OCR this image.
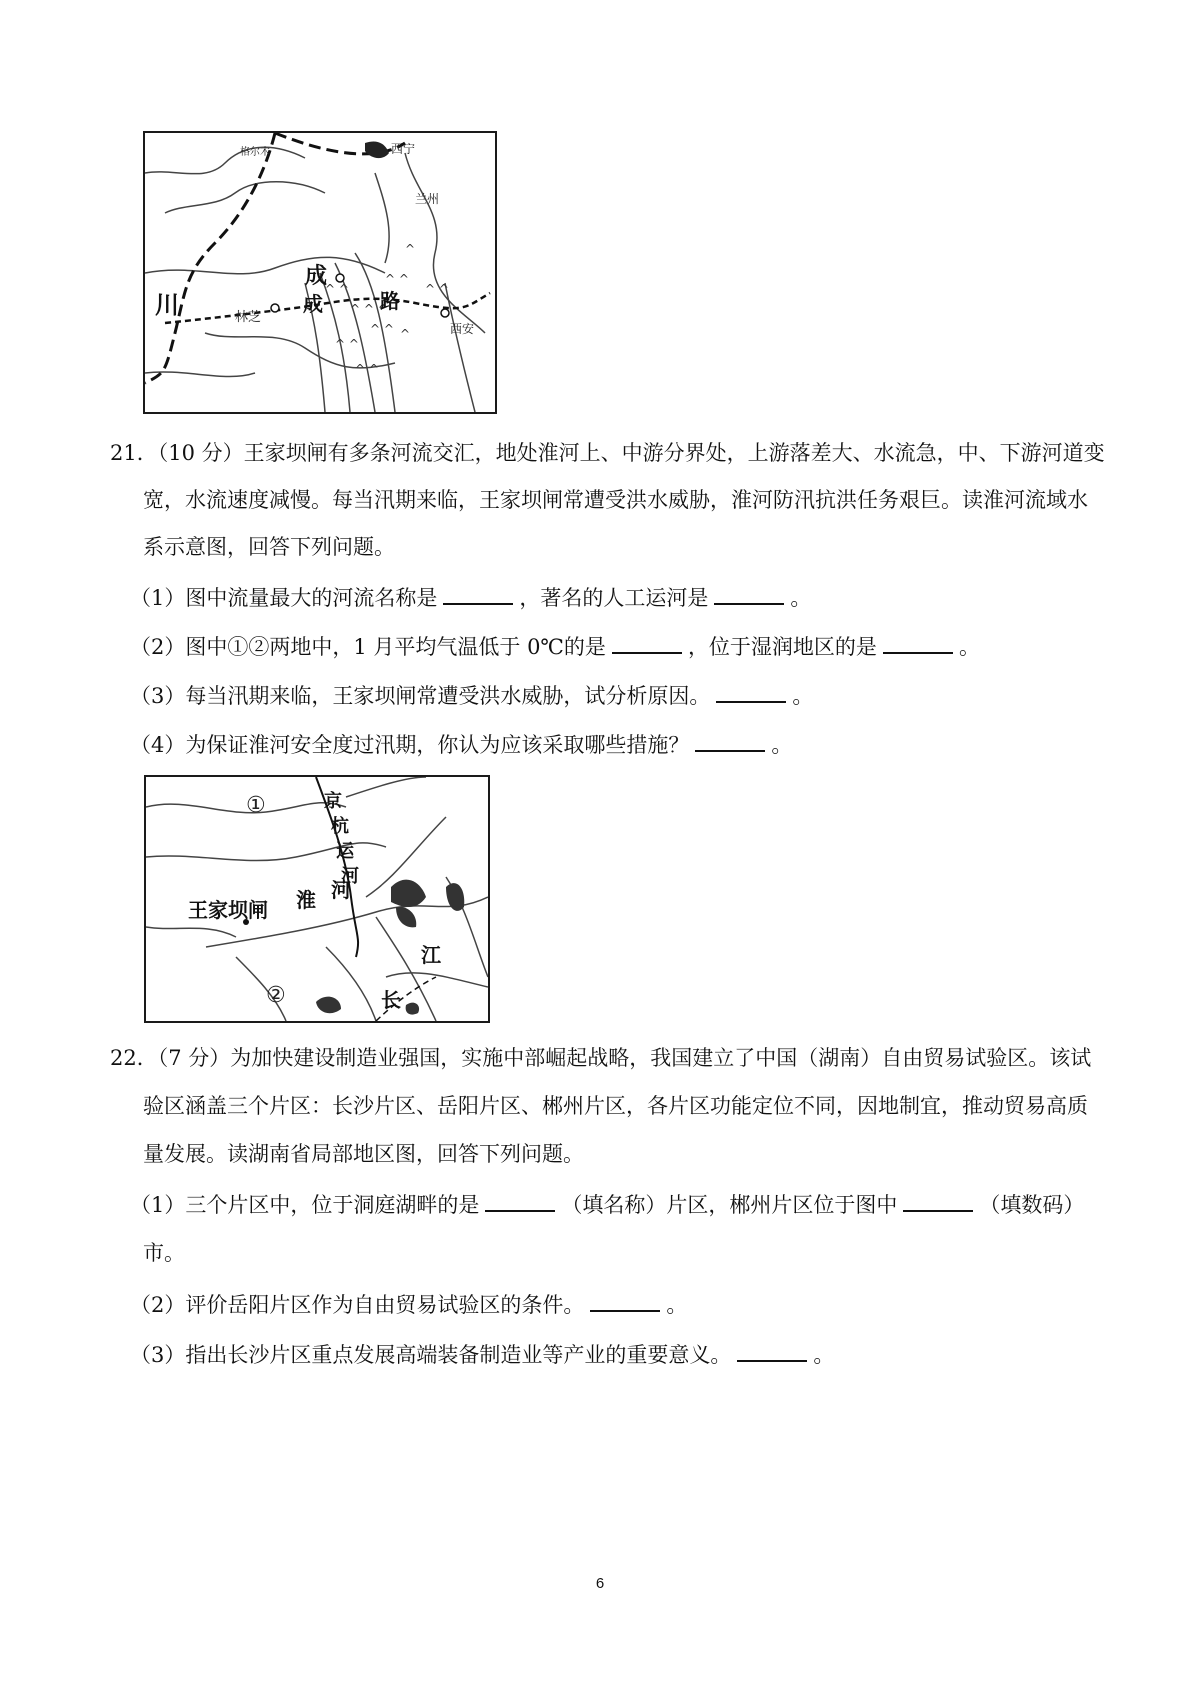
^ ^
^ ^ ^
^ ^
^
^ ^
^ ^
^ ^ ^
^ ^
西宁
兰州
格尔木
川	林芝
成
成	路
西安
21．（10 分）王家坝闸有多条河流交汇，地处淮河上、中游分界处，上游落差大、水流急，中、下游河道变
宽，水流速度减慢。每当汛期来临，王家坝闸常遭受洪水威胁，淮河防汛抗洪任务艰巨。读淮河流域水
系示意图，回答下列问题。
（1）图中流量最大的河流名称是	，著名的人工运河是	。
（2）图中①②两地中，1 月平均气温低于 0℃的是	，位于湿润地区的是	。
（3）每当汛期来临，王家坝闸常遭受洪水威胁，试分析原因。	。
（4）为保证淮河安全度过汛期，你认为应该采取哪些措施？	。
①
②
王家坝闸 淮 河
京
杭
运
河
江
长
22．（7 分）为加快建设制造业强国，实施中部崛起战略，我国建立了中国（湖南）自由贸易试验区。该试
验区涵盖三个片区：长沙片区、岳阳片区、郴州片区，各片区功能定位不同，因地制宜，推动贸易高质
量发展。读湖南省局部地区图，回答下列问题。
（1）三个片区中，位于洞庭湖畔的是	（填名称）片区，郴州片区位于图中	（填数码）
市。
（2）评价岳阳片区作为自由贸易试验区的条件。	。
（3）指出长沙片区重点发展高端装备制造业等产业的重要意义。	。
6
